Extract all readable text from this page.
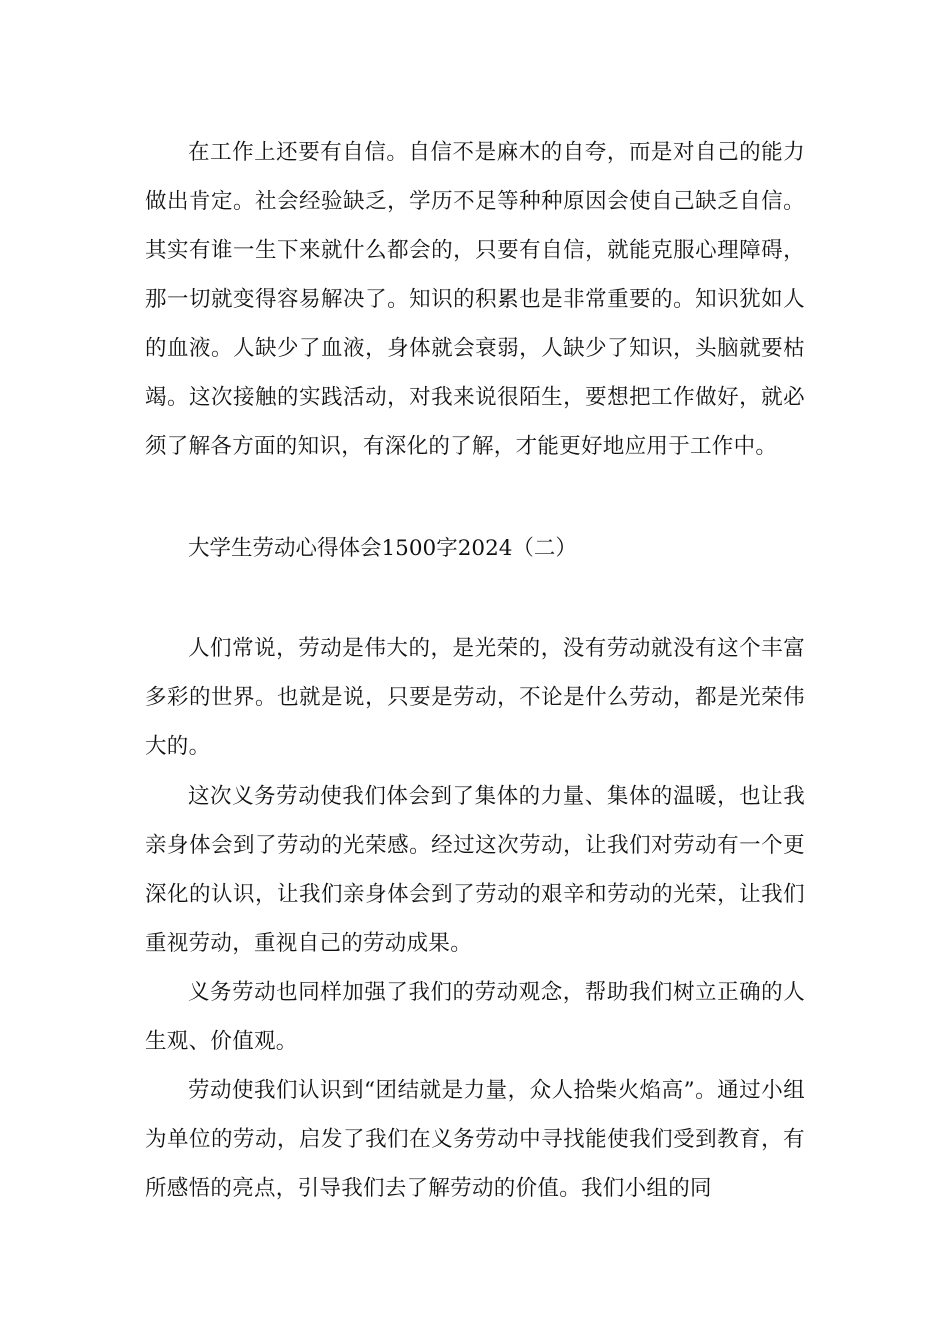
在工作上还要有自信。自信不是麻木的自夸，而是对自己的能力做出肯定。社会经验缺乏，学历不足等种种原因会使自己缺乏自信。其实有谁一生下来就什么都会的，只要有自信，就能克服心理障碍，那一切就变得容易解决了。知识的积累也是非常重要的。知识犹如人的血液。人缺少了血液，身体就会衰弱，人缺少了知识，头脑就要枯竭。这次接触的实践活动，对我来说很陌生，要想把工作做好，就必须了解各方面的知识，有深化的了解，才能更好地应用于工作中。

大学生劳动心得体会1500字2024（二）

人们常说，劳动是伟大的，是光荣的，没有劳动就没有这个丰富多彩的世界。也就是说，只要是劳动，不论是什么劳动，都是光荣伟大的。

这次义务劳动使我们体会到了集体的力量、集体的温暖，也让我亲身体会到了劳动的光荣感。经过这次劳动，让我们对劳动有一个更深化的认识，让我们亲身体会到了劳动的艰辛和劳动的光荣，让我们重视劳动，重视自己的劳动成果。

义务劳动也同样加强了我们的劳动观念，帮助我们树立正确的人生观、价值观。

劳动使我们认识到“团结就是力量，众人拾柴火焰高”。通过小组为单位的劳动，启发了我们在义务劳动中寻找能使我们受到教育，有所感悟的亮点，引导我们去了解劳动的价值。我们小组的同
